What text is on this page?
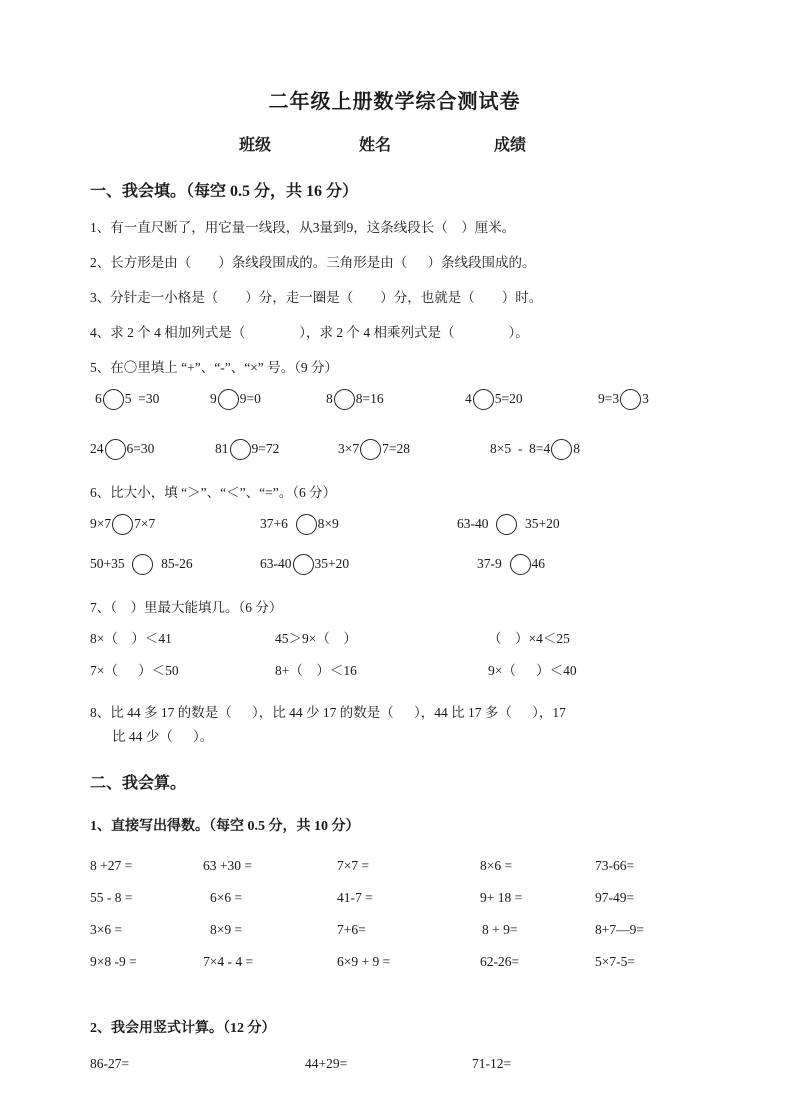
二年级上册数学综合测试卷
班级	姓名	成绩
一、我会填。（每空 0.5 分，共 16 分）
1、有一直尺断了，用它量一线段，从3量到9，这条线段长（    ）厘米。
2、长方形是由（        ）条线段围成的。三角形是由（      ）条线段围成的。
3、分针走一小格是（        ）分，走一圈是（        ）分，也就是（        ）时。
4、求 2 个 4 相加列式是（                ），求 2 个 4 相乘列式是（                ）。
5、在〇里填上 “+”、“-”、“×” 号。（9 分）
6 5  =30	9 9=0	8 8=16	4 5=20	9=3 3
24 6=30	81 9=72	3×7 7=28	8×5  -  8=4 8
6、比大小，填 “＞”、“＜”、“=”。（6 分）
9×7 7×7	37+6 8×9	63-40 35+20
50+35 85-26	63-40 35+20	37-9 46
7、（    ）里最大能填几。（6 分）
8×（    ）＜41	45＞9×（    ）	（    ）×4＜25
7×（      ）＜50	8+（    ）＜16	9×（      ）＜40
8、比 44 多 17 的数是（      ），比 44 少 17 的数是（      ），44 比 17 多（      ），17
比 44 少（      ）。
二、我会算。
1、直接写出得数。（每空 0.5 分，共 10 分）
8 +27 =	63 +30 =	7×7 =	8×6 =	73-66=
55 - 8 =	6×6 =	41-7 =	9+ 18 =	97-49=
3×6 =	8×9 =	7+6=	8 + 9=	8+7—9=
9×8 -9 =	7×4 - 4 =	6×9 + 9 =	62-26=	5×7-5=
2、我会用竖式计算。（12 分）
86-27=	44+29=	71-12=
